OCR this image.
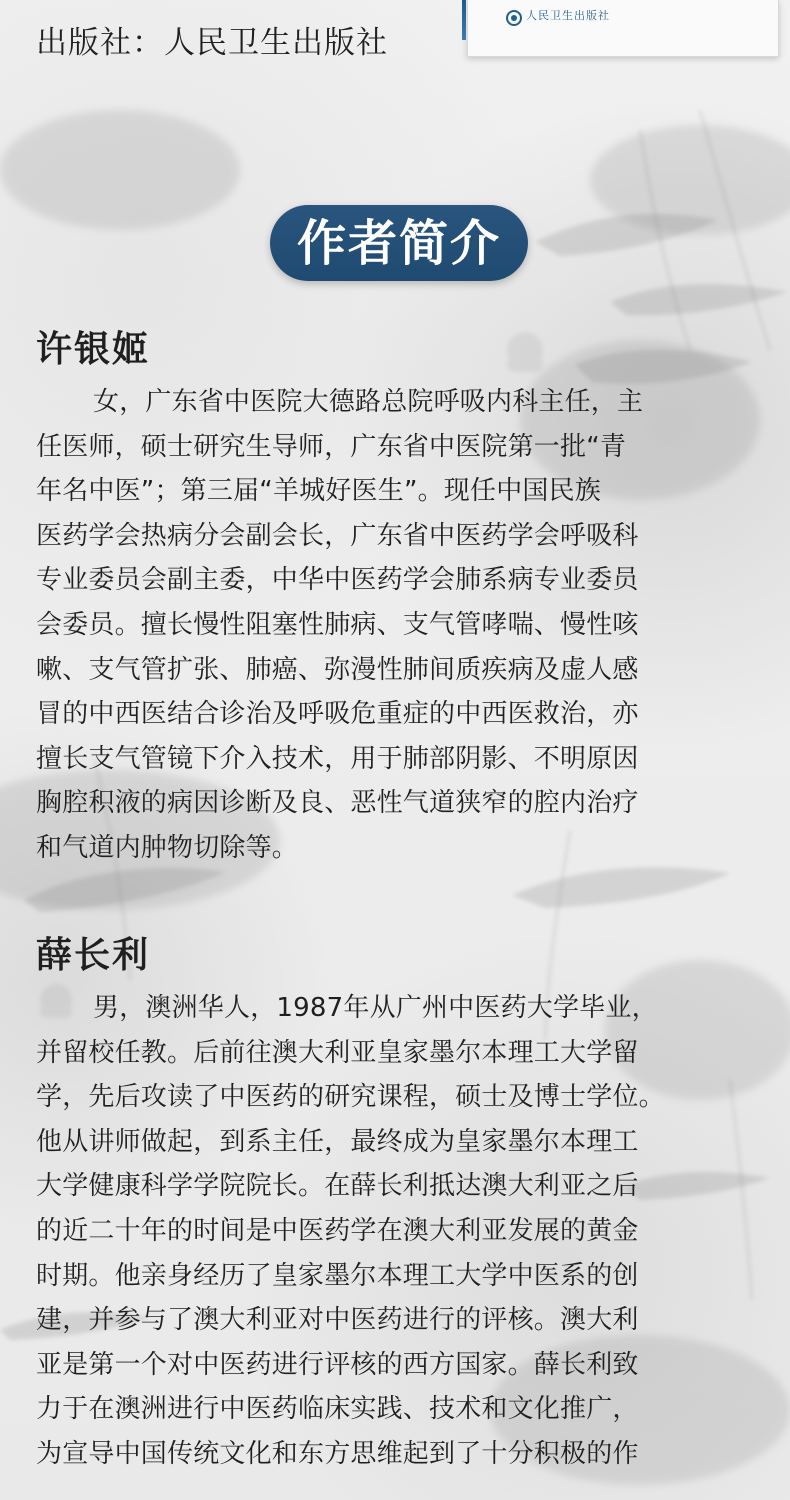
人民卫生出版社
出版社：人民卫生出版社
作者简介
许银姬
女，广东省中医院大德路总院呼吸内科主任，主
任医师，硕士研究生导师，广东省中医院第一批“青
年名中医”；第三届“羊城好医生”。现任中国民族
医药学会热病分会副会长，广东省中医药学会呼吸科
专业委员会副主委，中华中医药学会肺系病专业委员
会委员。擅长慢性阻塞性肺病、支气管哮喘、慢性咳
嗽、支气管扩张、肺癌、弥漫性肺间质疾病及虚人感
冒的中西医结合诊治及呼吸危重症的中西医救治，亦
擅长支气管镜下介入技术，用于肺部阴影、不明原因
胸腔积液的病因诊断及良、恶性气道狭窄的腔内治疗
和气道内肿物切除等。
薛长利
男，澳洲华人，1987年从广州中医药大学毕业，
并留校任教。后前往澳大利亚皇家墨尔本理工大学留
学，先后攻读了中医药的研究课程，硕士及博士学位。
他从讲师做起，到系主任，最终成为皇家墨尔本理工
大学健康科学学院院长。在薛长利抵达澳大利亚之后
的近二十年的时间是中医药学在澳大利亚发展的黄金
时期。他亲身经历了皇家墨尔本理工大学中医系的创
建，并参与了澳大利亚对中医药进行的评核。澳大利
亚是第一个对中医药进行评核的西方国家。薛长利致
力于在澳洲进行中医药临床实践、技术和文化推广，
为宣导中国传统文化和东方思维起到了十分积极的作
